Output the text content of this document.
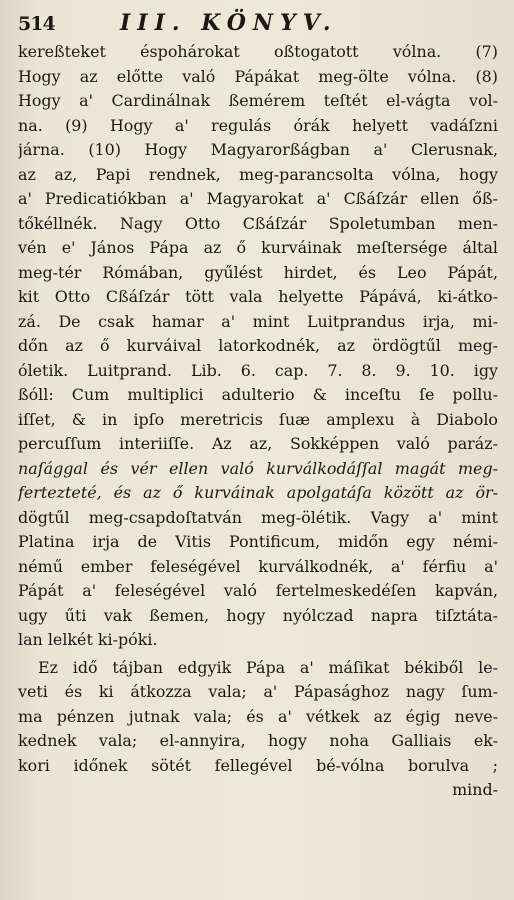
514	III. KÖNYV.
kereßteket éspohárokat oßtogatott vólna. (7)
Hogy az előtte való Pápákat meg-ölte vólna. (8)
Hogy a' Cardinálnak ßemérem teſtét el-vágta vol-
na. (9) Hogy a' regulás órák helyett vadáſzni
járna. (10) Hogy Magyarorßágban a' Clerusnak,
az az, Papi rendnek, meg-parancsolta vólna, hogy
a' Predicatiókban a' Magyarokat a' Cßáſzár ellen őß-
tőkéllnék. Nagy Otto Cßáſzár Spoletumban men-
vén e' János Pápa az ő kurváinak meſtersége által
meg-tér Rómában, gyűlést hirdet, és Leo Pápát,
kit Otto Cßáſzár tött vala helyette Pápává, ki-átko-
zá. De csak hamar a' mint Luitprandus irja, mi-
dőn az ő kurváival latorkodnék, az ördögtűl meg-
óletik. Luitprand. Lib. 6. cap. 7. 8. 9. 10. igy
ßóll: Cum multiplici adulterio & inceſtu ſe pollu-
iſſet, & in ipſo meretricis ſuæ amplexu à Diabolo
percuſſum interiiſſe. Az az, Sokképpen való paráz-
naſággal és vér ellen való kurválkodáſſal magát meg-
fertezteté, és az ő kurváinak apolgatáſa között az ör-
dögtűl meg-csapdoſtatván meg-ölétik. Vagy a' mint
Platina irja de Vitis Pontificum, midőn egy némi-
némű ember feleségével kurválkodnék, a' férfiu a'
Pápát a' feleségével való fertelmeskedéſen kapván,
ugy űti vak ßemen, hogy nyólczad napra tiſztáta-
lan lelkét ki-póki.
Ez idő tájban edgyik Pápa a' máſikat békiből le-
veti és ki átkozza vala; a' Pápasághoz nagy ſum-
ma pénzen jutnak vala; és a' vétkek az égig neve-
kednek vala; el-annyira, hogy noha Galliais ek-
kori időnek sötét fellegével bé-vólna borulva ;
mind-
